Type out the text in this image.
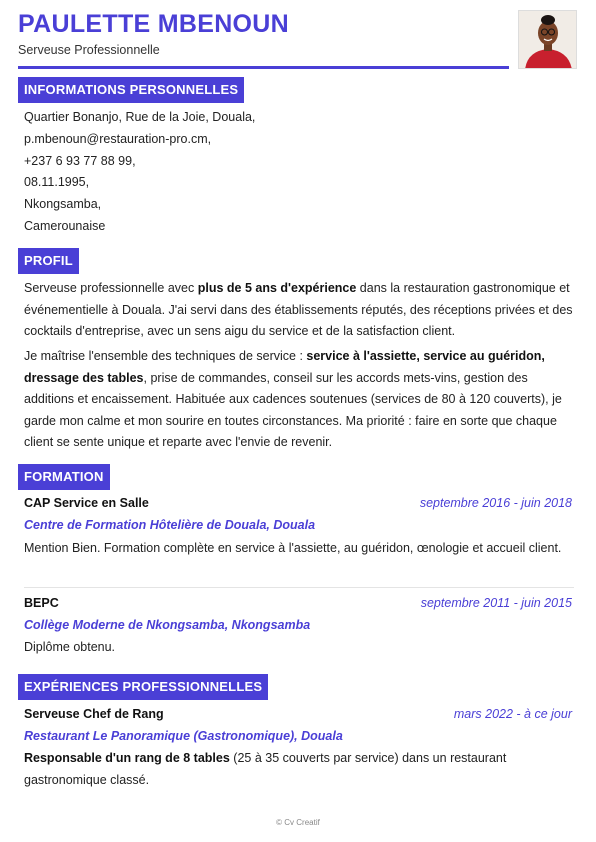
PAULETTE MBENOUN
Serveuse Professionnelle
INFORMATIONS PERSONNELLES
Quartier Bonanjo, Rue de la Joie, Douala,
p.mbenoun@restauration-pro.cm,
+237 6 93 77 88 99,
08.11.1995,
Nkongsamba,
Camerounaise
PROFIL
Serveuse professionnelle avec plus de 5 ans d'expérience dans la restauration gastronomique et événementielle à Douala. J'ai servi dans des établissements réputés, des réceptions privées et des cocktails d'entreprise, avec un sens aigu du service et de la satisfaction client.
Je maîtrise l'ensemble des techniques de service : service à l'assiette, service au guéridon, dressage des tables, prise de commandes, conseil sur les accords mets-vins, gestion des additions et encaissement. Habituée aux cadences soutenues (services de 80 à 120 couverts), je garde mon calme et mon sourire en toutes circonstances. Ma priorité : faire en sorte que chaque client se sente unique et reparte avec l'envie de revenir.
FORMATION
CAP Service en Salle	septembre 2016 - juin 2018
Centre de Formation Hôtelière de Douala, Douala
Mention Bien. Formation complète en service à l'assiette, au guéridon, œnologie et accueil client.
BEPC	septembre 2011 - juin 2015
Collège Moderne de Nkongsamba, Nkongsamba
Diplôme obtenu.
EXPÉRIENCES PROFESSIONNELLES
Serveuse Chef de Rang	mars 2022 - à ce jour
Restaurant Le Panoramique (Gastronomique), Douala
Responsable d'un rang de 8 tables (25 à 35 couverts par service) dans un restaurant gastronomique classé.
© Cv Creatif
